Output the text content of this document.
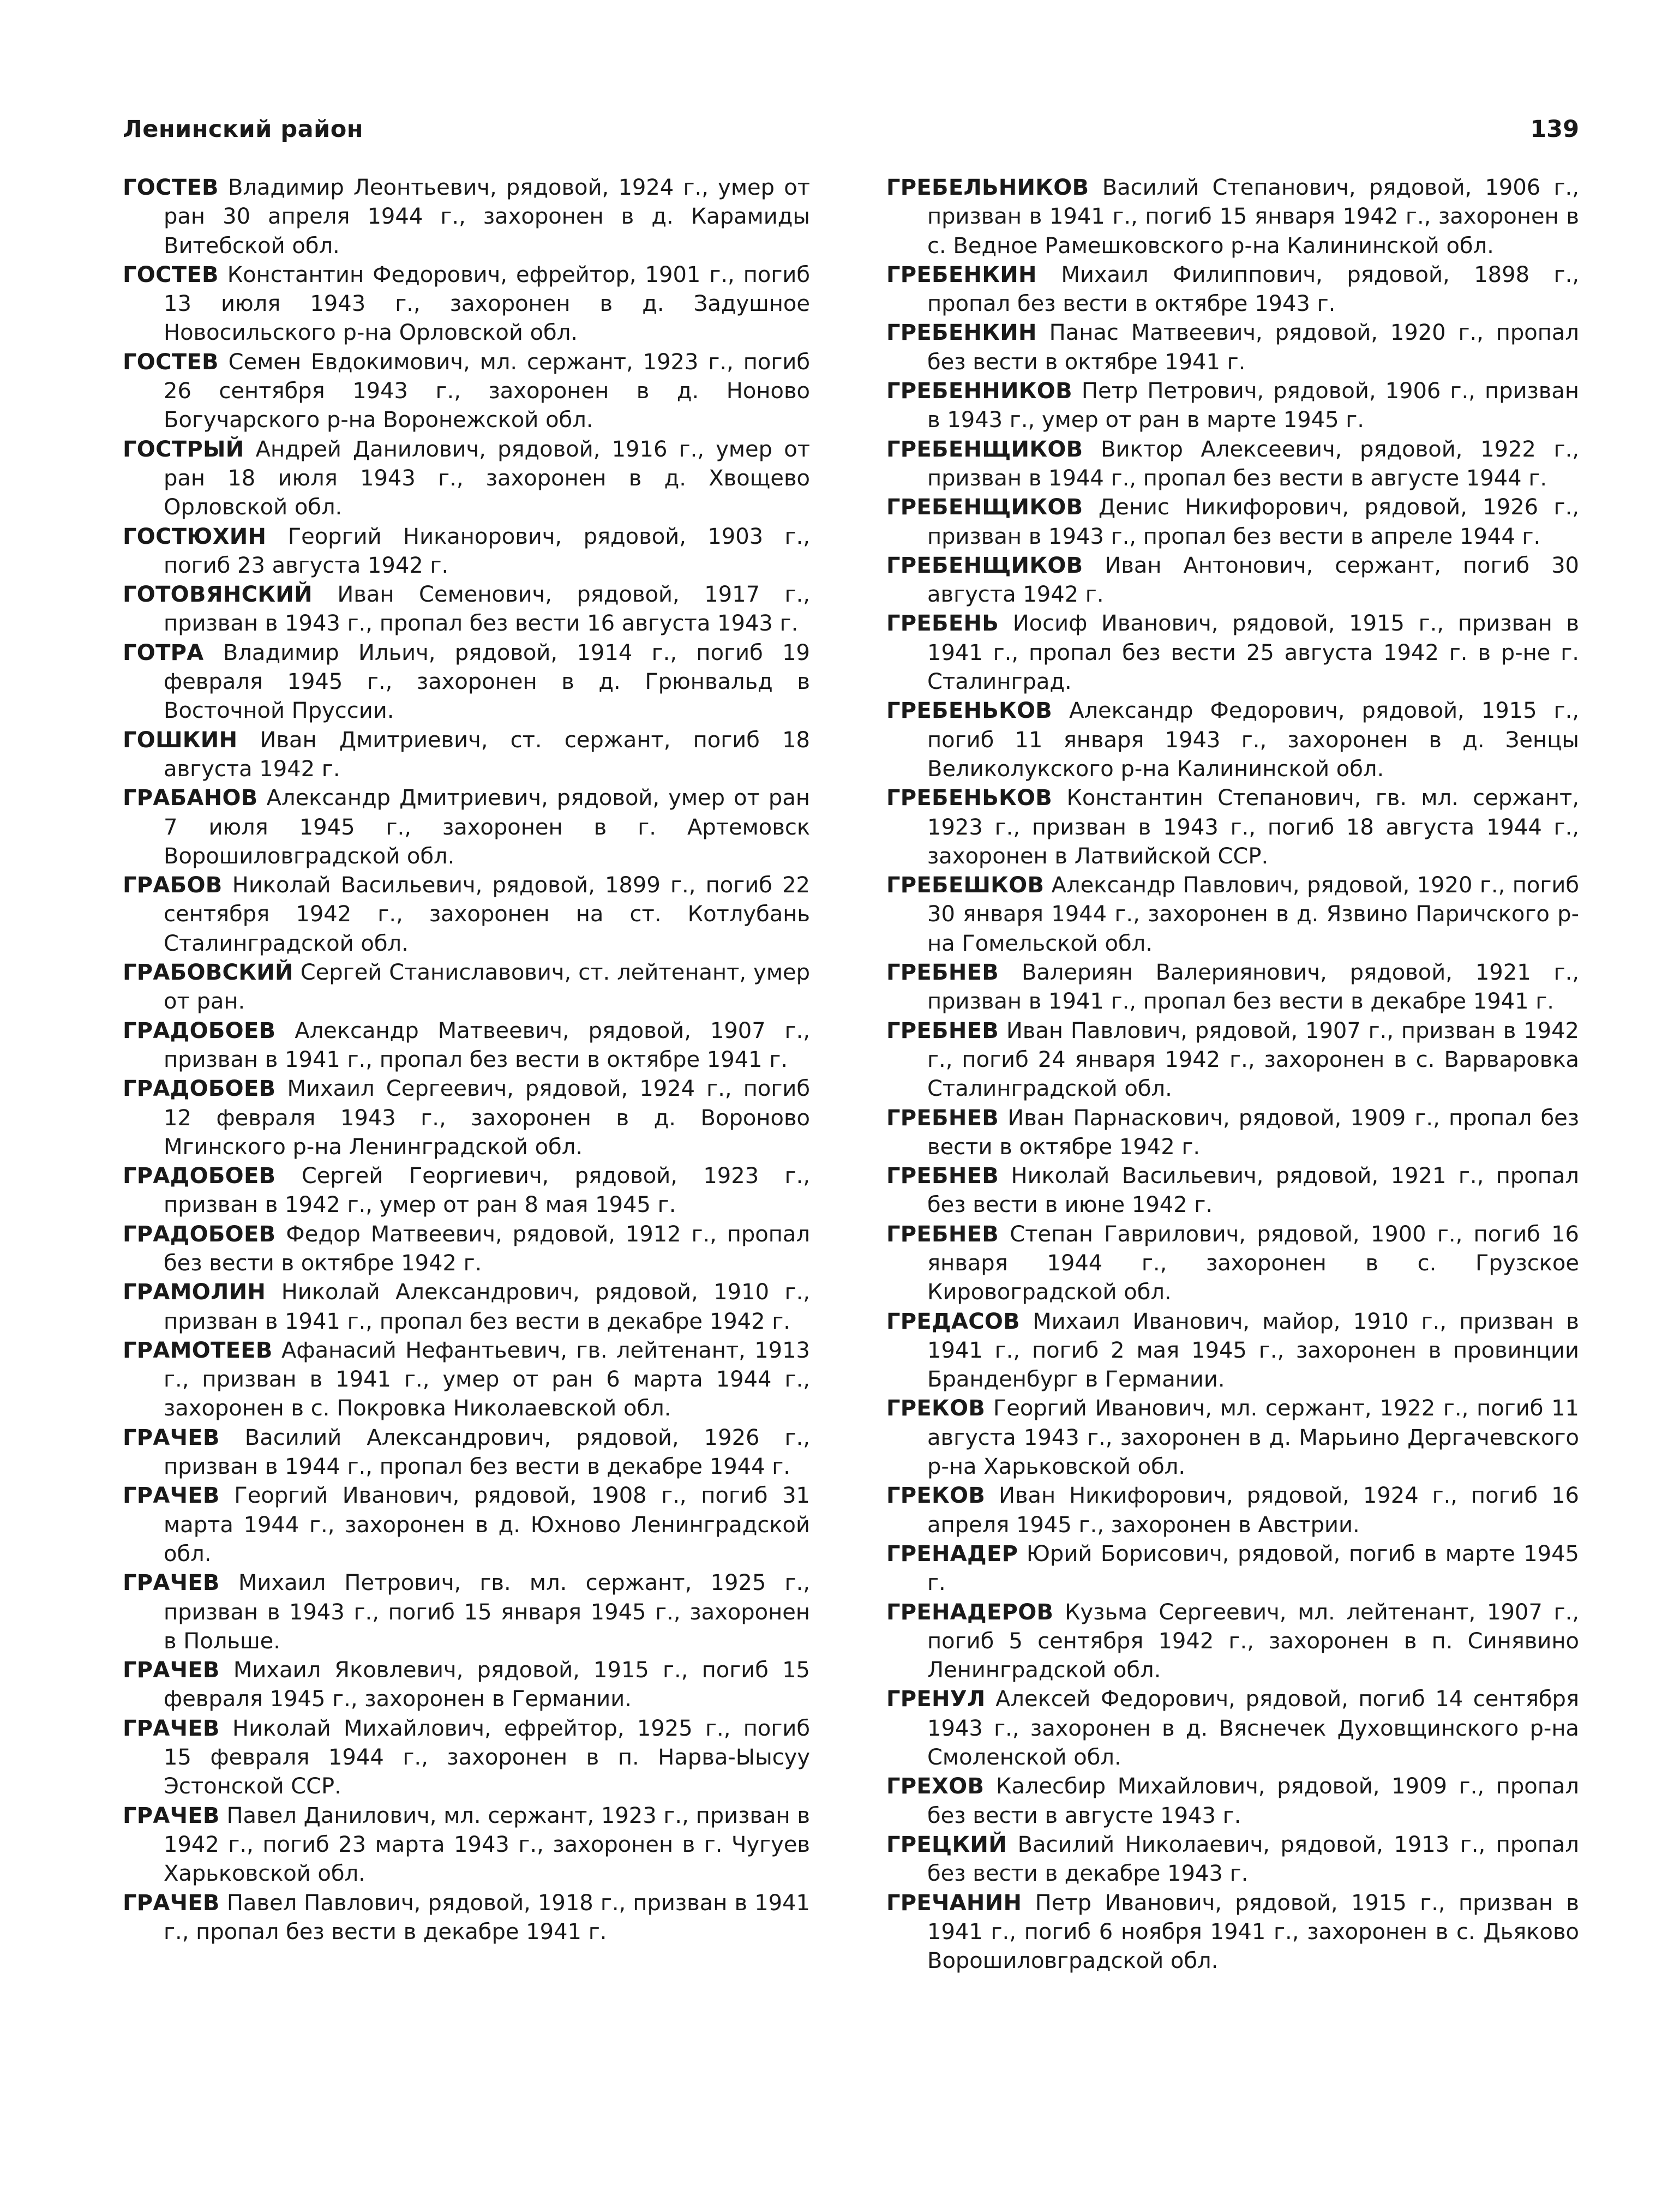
Ленинский район	139

ГОСТЕВ Владимир Леонтьевич, рядовой, 1924 г., умер от ран 30 апреля 1944 г., захоронен в д. Карамиды Витебской обл.

ГОСТЕВ Константин Федорович, ефрейтор, 1901 г., погиб 13 июля 1943 г., захоронен в д. Задушное Новосильского р-на Орловской обл.

ГОСТЕВ Семен Евдокимович, мл. сержант, 1923 г., погиб 26 сентября 1943 г., захоронен в д. Ноново Богучарского р-на Воронежской обл.

ГОСТРЫЙ Андрей Данилович, рядовой, 1916 г., умер от ран 18 июля 1943 г., захоронен в д. Хвощево Орловской обл.

ГОСТЮХИН Георгий Никанорович, рядовой, 1903 г., погиб 23 августа 1942 г.

ГОТОВЯНСКИЙ Иван Семенович, рядовой, 1917 г., призван в 1943 г., пропал без вести 16 августа 1943 г.

ГОТРА Владимир Ильич, рядовой, 1914 г., погиб 19 февраля 1945 г., захоронен в д. Грюнвальд в Восточной Пруссии.

ГОШКИН Иван Дмитриевич, ст. сержант, погиб 18 августа 1942 г.

ГРАБАНОВ Александр Дмитриевич, рядовой, умер от ран 7 июля 1945 г., захоронен в г. Артемовск Ворошиловградской обл.

ГРАБОВ Николай Васильевич, рядовой, 1899 г., погиб 22 сентября 1942 г., захоронен на ст. Котлубань Сталинградской обл.

ГРАБОВСКИЙ Сергей Станиславович, ст. лейтенант, умер от ран.

ГРАДОБОЕВ Александр Матвеевич, рядовой, 1907 г., призван в 1941 г., пропал без вести в октябре 1941 г.

ГРАДОБОЕВ Михаил Сергеевич, рядовой, 1924 г., погиб 12 февраля 1943 г., захоронен в д. Вороново Мгинского р-на Ленинградской обл.

ГРАДОБОЕВ Сергей Георгиевич, рядовой, 1923 г., призван в 1942 г., умер от ран 8 мая 1945 г.

ГРАДОБОЕВ Федор Матвеевич, рядовой, 1912 г., пропал без вести в октябре 1942 г.

ГРАМОЛИН Николай Александрович, рядовой, 1910 г., призван в 1941 г., пропал без вести в декабре 1942 г.

ГРАМОТЕЕВ Афанасий Нефантьевич, гв. лейтенант, 1913 г., призван в 1941 г., умер от ран 6 марта 1944 г., захоронен в с. Покровка Николаевской обл.

ГРАЧЕВ Василий Александрович, рядовой, 1926 г., призван в 1944 г., пропал без вести в декабре 1944 г.

ГРАЧЕВ Георгий Иванович, рядовой, 1908 г., погиб 31 марта 1944 г., захоронен в д. Юхново Ленинградской обл.

ГРАЧЕВ Михаил Петрович, гв. мл. сержант, 1925 г., призван в 1943 г., погиб 15 января 1945 г., захоронен в Польше.

ГРАЧЕВ Михаил Яковлевич, рядовой, 1915 г., погиб 15 февраля 1945 г., захоронен в Германии.

ГРАЧЕВ Николай Михайлович, ефрейтор, 1925 г., погиб 15 февраля 1944 г., захоронен в п. Нарва-Ыысуу Эстонской ССР.

ГРАЧЕВ Павел Данилович, мл. сержант, 1923 г., призван в 1942 г., погиб 23 марта 1943 г., захоронен в г. Чугуев Харьковской обл.

ГРАЧЕВ Павел Павлович, рядовой, 1918 г., призван в 1941 г., пропал без вести в декабре 1941 г.

ГРЕБЕЛЬНИКОВ Василий Степанович, рядовой, 1906 г., призван в 1941 г., погиб 15 января 1942 г., захоронен в с. Ведное Рамешковского р-на Калининской обл.

ГРЕБЕНКИН Михаил Филиппович, рядовой, 1898 г., пропал без вести в октябре 1943 г.

ГРЕБЕНКИН Панас Матвеевич, рядовой, 1920 г., пропал без вести в октябре 1941 г.

ГРЕБЕННИКОВ Петр Петрович, рядовой, 1906 г., призван в 1943 г., умер от ран в марте 1945 г.

ГРЕБЕНЩИКОВ Виктор Алексеевич, рядовой, 1922 г., призван в 1944 г., пропал без вести в августе 1944 г.

ГРЕБЕНЩИКОВ Денис Никифорович, рядовой, 1926 г., призван в 1943 г., пропал без вести в апреле 1944 г.

ГРЕБЕНЩИКОВ Иван Антонович, сержант, погиб 30 августа 1942 г.

ГРЕБЕНЬ Иосиф Иванович, рядовой, 1915 г., призван в 1941 г., пропал без вести 25 августа 1942 г. в р-не г. Сталинград.

ГРЕБЕНЬКОВ Александр Федорович, рядовой, 1915 г., погиб 11 января 1943 г., захоронен в д. Зенцы Великолукского р-на Калининской обл.

ГРЕБЕНЬКОВ Константин Степанович, гв. мл. сержант, 1923 г., призван в 1943 г., погиб 18 августа 1944 г., захоронен в Латвийской ССР.

ГРЕБЕШКОВ Александр Павлович, рядовой, 1920 г., погиб 30 января 1944 г., захоронен в д. Язвино Паричского р-на Гомельской обл.

ГРЕБНЕВ Валериян Валериянович, рядовой, 1921 г., призван в 1941 г., пропал без вести в декабре 1941 г.

ГРЕБНЕВ Иван Павлович, рядовой, 1907 г., призван в 1942 г., погиб 24 января 1942 г., захоронен в с. Варваровка Сталинградской обл.

ГРЕБНЕВ Иван Парнаскович, рядовой, 1909 г., пропал без вести в октябре 1942 г.

ГРЕБНЕВ Николай Васильевич, рядовой, 1921 г., пропал без вести в июне 1942 г.

ГРЕБНЕВ Степан Гаврилович, рядовой, 1900 г., погиб 16 января 1944 г., захоронен в с. Грузское Кировоградской обл.

ГРЕДАСОВ Михаил Иванович, майор, 1910 г., призван в 1941 г., погиб 2 мая 1945 г., захоронен в провинции Бранденбург в Германии.

ГРЕКОВ Георгий Иванович, мл. сержант, 1922 г., погиб 11 августа 1943 г., захоронен в д. Марьино Дергачевского р-на Харьковской обл.

ГРЕКОВ Иван Никифорович, рядовой, 1924 г., погиб 16 апреля 1945 г., захоронен в Австрии.

ГРЕНАДЕР Юрий Борисович, рядовой, погиб в марте 1945 г.

ГРЕНАДЕРОВ Кузьма Сергеевич, мл. лейтенант, 1907 г., погиб 5 сентября 1942 г., захоронен в п. Синявино Ленинградской обл.

ГРЕНУЛ Алексей Федорович, рядовой, погиб 14 сентября 1943 г., захоронен в д. Вяснечек Духовщинского р-на Смоленской обл.

ГРЕХОВ Калесбир Михайлович, рядовой, 1909 г., пропал без вести в августе 1943 г.

ГРЕЦКИЙ Василий Николаевич, рядовой, 1913 г., пропал без вести в декабре 1943 г.

ГРЕЧАНИН Петр Иванович, рядовой, 1915 г., призван в 1941 г., погиб 6 ноября 1941 г., захоронен в с. Дьяково Ворошиловградской обл.
